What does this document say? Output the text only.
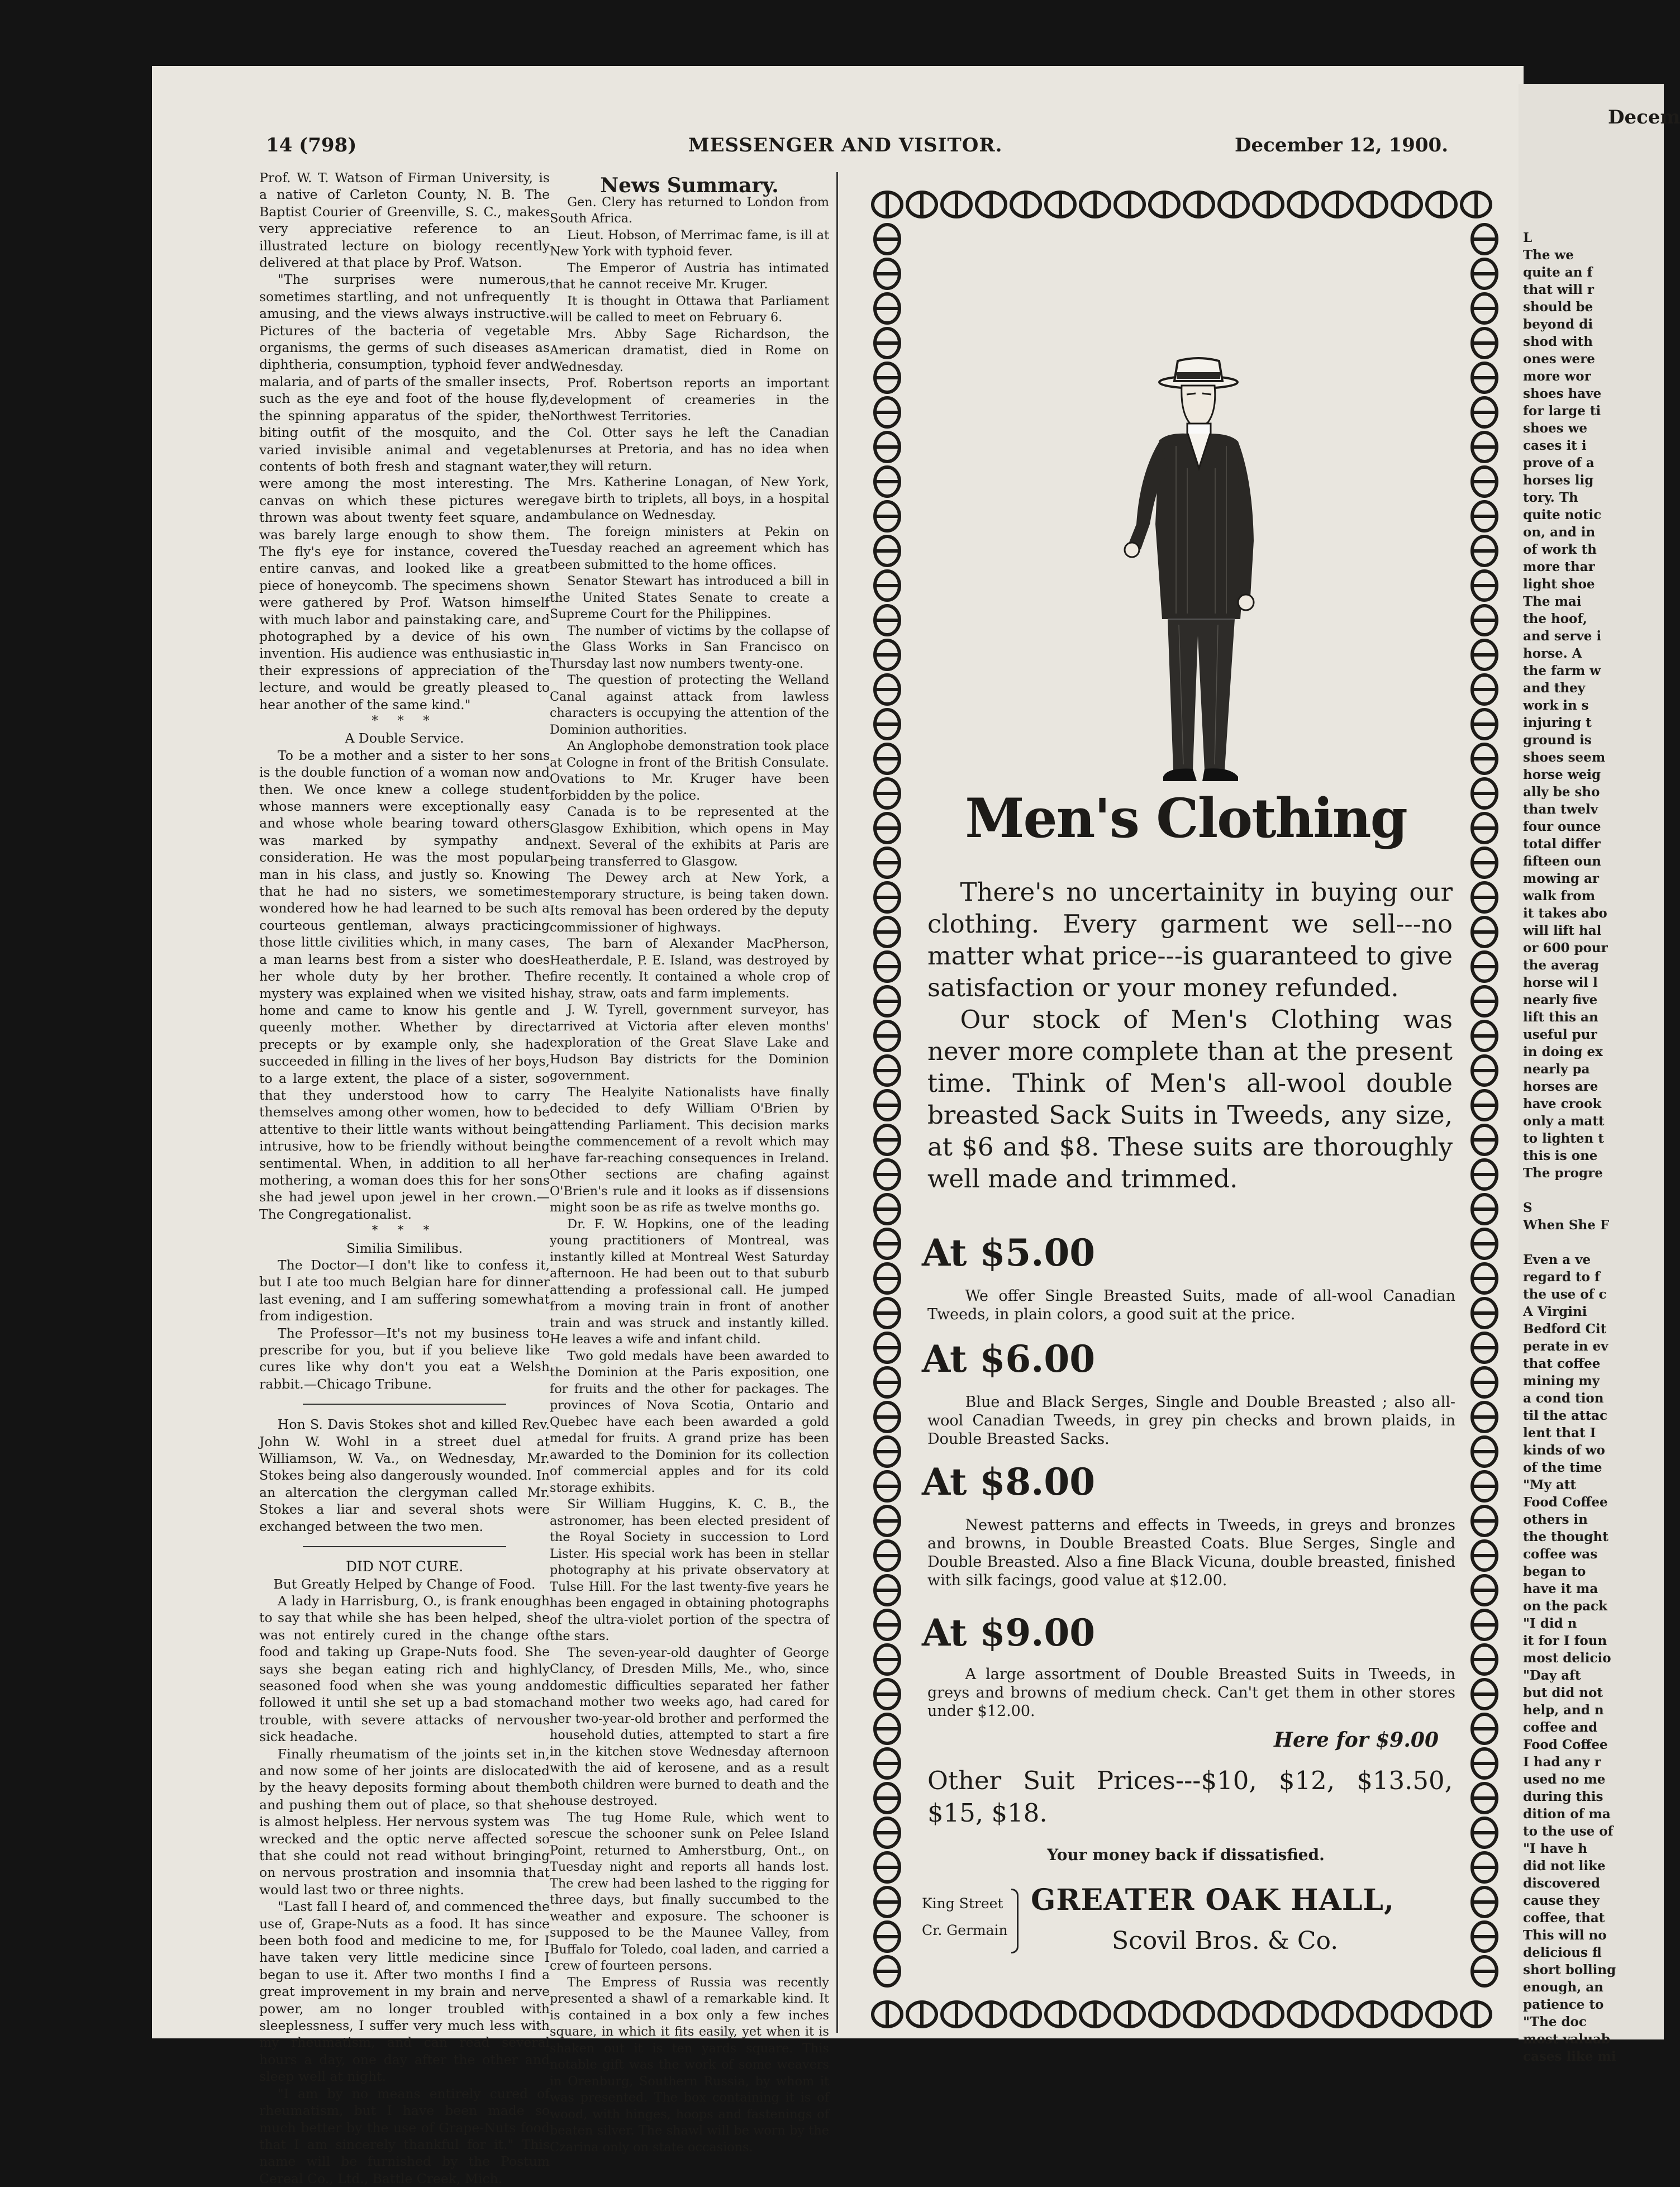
14 (798)	MESSENGER AND VISITOR.	December 12, 1900.

Prof. W. T. Watson of Firman University, is a native of Carleton County, N. B. The Baptist Courier of Greenville, S. C., makes very appreciative reference to an illustrated lecture on biology recently delivered at that place by Prof. Watson.

"The surprises were numerous, sometimes startling, and not unfrequently amusing, and the views always instructive. Pictures of the bacteria of vegetable organisms, the germs of such diseases as diphtheria, consumption, typhoid fever and malaria, and of parts of the smaller insects, such as the eye and foot of the house fly, the spinning apparatus of the spider, the biting outfit of the mosquito, and the varied invisible animal and vegetable contents of both fresh and stagnant water, were among the most interesting. The canvas on which these pictures were thrown was about twenty feet square, and was barely large enough to show them. The fly's eye for instance, covered the entire canvas, and looked like a great piece of honeycomb. The specimens shown were gathered by Prof. Watson himself with much labor and painstaking care, and photographed by a device of his own invention. His audience was enthusiastic in their expressions of appreciation of the lecture, and would be greatly pleased to hear another of the same kind."

* * *

A Double Service.

To be a mother and a sister to her sons is the double function of a woman now and then. We once knew a college student whose manners were exceptionally easy and whose whole bearing toward others was marked by sympathy and consideration. He was the most popular man in his class, and justly so. Knowing that he had no sisters, we sometimes wondered how he had learned to be such a courteous gentleman, always practicing those little civilities which, in many cases, a man learns best from a sister who does her whole duty by her brother. The mystery was explained when we visited his home and came to know his gentle and queenly mother. Whether by direct precepts or by example only, she had succeeded in filling in the lives of her boys, to a large extent, the place of a sister, so that they understood how to carry themselves among other women, how to be attentive to their little wants without being intrusive, how to be friendly without being sentimental. When, in addition to all her mothering, a woman does this for her sons she had jewel upon jewel in her crown.—The Congregationalist.

* * *

Similia Similibus.

The Doctor—I don't like to confess it, but I ate too much Belgian hare for dinner last evening, and I am suffering somewhat from indigestion.

The Professor—It's not my business to prescribe for you, but if you believe like cures like why don't you eat a Welsh rabbit.—Chicago Tribune.

Hon S. Davis Stokes shot and killed Rev. John W. Wohl in a street duel at Williamson, W. Va., on Wednesday, Mr. Stokes being also dangerously wounded. In an altercation the clergyman called Mr. Stokes a liar and several shots were exchanged between the two men.

DID NOT CURE.

But Greatly Helped by Change of Food.

A lady in Harrisburg, O., is frank enough to say that while she has been helped, she was not entirely cured in the change of food and taking up Grape-Nuts food. She says she began eating rich and highly seasoned food when she was young and followed it until she set up a bad stomach trouble, with severe attacks of nervous sick headache.

Finally rheumatism of the joints set in, and now some of her joints are dislocated by the heavy deposits forming about them and pushing them out of place, so that she is almost helpless. Her nervous system was wrecked and the optic nerve affected so that she could not read without bringing on nervous prostration and insomnia that would last two or three nights.

"Last fall I heard of, and commenced the use of, Grape-Nuts as a food. It has since been both food and medicine to me, for I have taken very little medicine since I began to use it. After two months I find a great improvement in my brain and nerve power, am no longer troubled with sleeplessness, I suffer very much less with my rheumatism, and can read several hours a day, one day after the other and sleep well at night.

"I am by no means entirely cured of rheumatism, but I have been made so much better by the use of Grape-Nuts food that I am sincerely thankful for it." This name will be furnished by the Postum Cereal Co., Ltd., Battle Creek, Mich.

News Summary.

Gen. Clery has returned to London from South Africa.

Lieut. Hobson, of Merrimac fame, is ill at New York with typhoid fever.

The Emperor of Austria has intimated that he cannot receive Mr. Kruger.

It is thought in Ottawa that Parliament will be called to meet on February 6.

Mrs. Abby Sage Richardson, the American dramatist, died in Rome on Wednesday.

Prof. Robertson reports an important development of creameries in the Northwest Territories.

Col. Otter says he left the Canadian nurses at Pretoria, and has no idea when they will return.

Mrs. Katherine Lonagan, of New York, gave birth to triplets, all boys, in a hospital ambulance on Wednesday.

The foreign ministers at Pekin on Tuesday reached an agreement which has been submitted to the home offices.

Senator Stewart has introduced a bill in the United States Senate to create a Supreme Court for the Philippines.

The number of victims by the collapse of the Glass Works in San Francisco on Thursday last now numbers twenty-one.

The question of protecting the Welland Canal against attack from lawless characters is occupying the attention of the Dominion authorities.

An Anglophobe demonstration took place at Cologne in front of the British Consulate. Ovations to Mr. Kruger have been forbidden by the police.

Canada is to be represented at the Glasgow Exhibition, which opens in May next. Several of the exhibits at Paris are being transferred to Glasgow.

The Dewey arch at New York, a temporary structure, is being taken down. Its removal has been ordered by the deputy commissioner of highways.

The barn of Alexander MacPherson, Heatherdale, P. E. Island, was destroyed by fire recently. It contained a whole crop of hay, straw, oats and farm implements.

J. W. Tyrell, government surveyor, has arrived at Victoria after eleven months' exploration of the Great Slave Lake and Hudson Bay districts for the Dominion government.

The Healyite Nationalists have finally decided to defy William O'Brien by attending Parliament. This decision marks the commencement of a revolt which may have far-reaching consequences in Ireland. Other sections are chafing against O'Brien's rule and it looks as if dissensions might soon be as rife as twelve months go.

Dr. F. W. Hopkins, one of the leading young practitioners of Montreal, was instantly killed at Montreal West Saturday afternoon. He had been out to that suburb attending a professional call. He jumped from a moving train in front of another train and was struck and instantly killed. He leaves a wife and infant child.

Two gold medals have been awarded to the Dominion at the Paris exposition, one for fruits and the other for packages. The provinces of Nova Scotia, Ontario and Quebec have each been awarded a gold medal for fruits. A grand prize has been awarded to the Dominion for its collection of commercial apples and for its cold storage exhibits.

Sir William Huggins, K. C. B., the astronomer, has been elected president of the Royal Society in succession to Lord Lister. His special work has been in stellar photography at his private observatory at Tulse Hill. For the last twenty-five years he has been engaged in obtaining photographs of the ultra-violet portion of the spectra of the stars.

The seven-year-old daughter of George Clancy, of Dresden Mills, Me., who, since domestic difficulties separated her father and mother two weeks ago, had cared for her two-year-old brother and performed the household duties, attempted to start a fire in the kitchen stove Wednesday afternoon with the aid of kerosene, and as a result both children were burned to death and the house destroyed.

The tug Home Rule, which went to rescue the schooner sunk on Pelee Island Point, returned to Amherstburg, Ont., on Tuesday night and reports all hands lost. The crew had been lashed to the rigging for three days, but finally succumbed to the weather and exposure. The schooner is supposed to be the Maunee Valley, from Buffalo for Toledo, coal laden, and carried a crew of fourteen persons.

The Empress of Russia was recently presented a shawl of a remarkable kind. It is contained in a box only a few inches square, in which it fits easily, yet when it is shaken out it is ten yards square. This notable gift was the work of some weavers in Orenburg, Southern Russia, by whom it was presented. The box containing it is of wood, with hinges, hoops and fastenings of beaten silver. The shawl will be worn by the Czarina only on state occasions.

Men's Clothing

There's no uncertainity in buying our clothing. Every garment we sell---no matter what price---is guaranteed to give satisfaction or your money refunded.

Our stock of Men's Clothing was never more complete than at the present time. Think of Men's all-wool double breasted Sack Suits in Tweeds, any size, at $6 and $8. These suits are thoroughly well made and trimmed.

At $5.00
We offer Single Breasted Suits, made of all-wool Canadian Tweeds, in plain colors, a good suit at the price.
At $6.00
Blue and Black Serges, Single and Double Breasted ; also all-wool Canadian Tweeds, in grey pin checks and brown plaids, in Double Breasted Sacks.
At $8.00
Newest patterns and effects in Tweeds, in greys and bronzes and browns, in Double Breasted Coats. Blue Serges, Single and Double Breasted. Also a fine Black Vicuna, double breasted, finished with silk facings, good value at $12.00.
At $9.00
A large assortment of Double Breasted Suits in Tweeds, in greys and browns of medium check. Can't get them in other stores under $12.00.
Here for $9.00
Other Suit Prices---$10, $12, $13.50, $15, $18.
Your money back if dissatisfied.
King Street
Cr. Germain
GREATER OAK HALL,
Scovil Bros. & Co.
Decem
L
The we
quite an f
that will r
should be
beyond di
shod with
ones were
more wor
shoes have
for large ti
shoes we
cases it i
prove of a
horses lig
tory. Th
quite notic
on, and in
of work th
more thar
light shoe
The mai
the hoof,
and serve i
horse. A
the farm w
and they
work in s
injuring t
ground is
shoes seem
horse weig
ally be sho
than twelv
four ounce
total differ
fifteen oun
mowing ar
walk from
it takes abo
will lift hal
or 600 pour
the averag
horse wil l
nearly five
lift this an
useful pur
in doing ex
nearly pa
horses are
have crook
only a matt
to lighten t
this is one
The progre
S
When She F
Even a ve
regard to f
the use of c
A Virgini
Bedford Cit
perate in ev
that coffee
mining my
a cond tion
til the attac
lent that I
kinds of wo
of the time
"My att
Food Coffee
others in
the thought
coffee was
began to
have it ma
on the pack
"I did n
it for I foun
most delicio
"Day aft
but did not
help, and n
coffee and
Food Coffee
I had any r
used no me
during this
dition of ma
to the use of
"I have h
did not like
discovered
cause they
coffee, that
This will no
delicious fl
short bolling
enough, an
patience to
"The doc
most valuab
cases like mi
